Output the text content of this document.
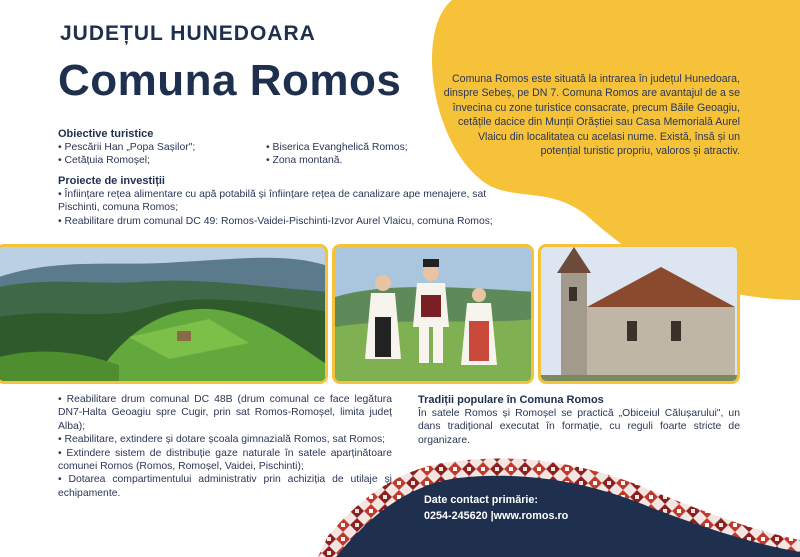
JUDEȚUL HUNEDOARA
Comuna Romos	Comuna Romos este situată la intrarea în județul Hunedoara, dinspre Sebeș, pe DN 7. Comuna Romos are avantajul de a se învecina cu zone turistice consacrate, precum Băile Geoagiu, cetățile dacice din Munții Orăștiei sau Casa Memorială Aurel Vlaicu din localitatea cu acelasi nume. Există, însă și un potențial turistic propriu, valoros și atractiv.
Obiective turistice
• Pescării Han „Popa Sașilor";
• Cetățuia Romoșel;
• Biserica Evanghelică Romos;
• Zona montană.
Proiecte de investiții
• Înființare rețea alimentare cu apă potabilă și înființare rețea de canalizare ape menajere, sat Pischinti, comuna Romos;
• Reabilitare drum comunal DC 49: Romos-Vaidei-Pischinti-Izvor Aurel Vlaicu, comuna Romos;
• Reabilitare drum comunal DC 48B (drum comunal ce face legătura DN7-Halta Geoagiu spre Cugir, prin sat Romos-Romoșel, limita județ Alba);
• Reabilitare, extindere și dotare școala gimnazială Romos, sat Romos;
• Extindere sistem de distribuție gaze naturale în satele aparținătoare comunei Romos (Romos, Romoșel, Vaidei, Pischinti);
• Dotarea compartimentului administrativ prin achiziția de utilaje și echipamente.
Tradiții populare în Comuna Romos
În satele Romos și Romoșel se practică „Obiceiul Călușarului", un dans tradițional executat în formație, cu reguli foarte stricte de organizare.
Date contact primărie:
0254-245620 |www.romos.ro
